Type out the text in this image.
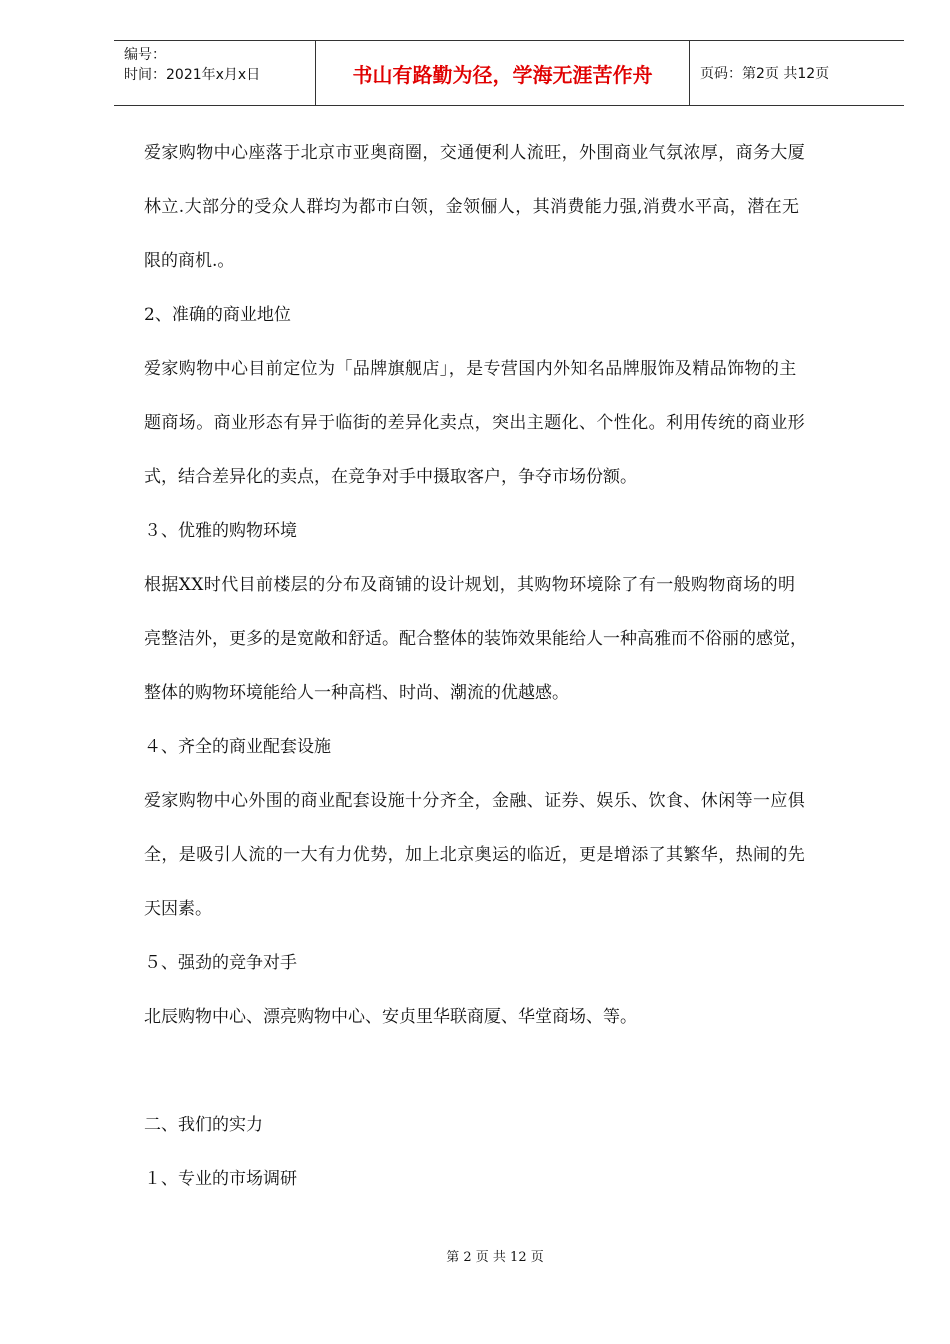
编号：
时间：2021年x月x日	书山有路勤为径，学海无涯苦作舟	页码：第2页 共12页

爱家购物中心座落于北京市亚奥商圈，交通便利人流旺，外围商业气氛浓厚，商务大厦

林立.大部分的受众人群均为都市白领，金领俪人，其消费能力强,消费水平高，潜在无

限的商机.。

2、准确的商业地位

爱家购物中心目前定位为「品牌旗舰店」，是专营国内外知名品牌服饰及精品饰物的主

题商场。商业形态有异于临街的差异化卖点，突出主题化、个性化。利用传统的商业形

式，结合差异化的卖点，在竞争对手中摄取客户，争夺市场份额。

３、优雅的购物环境

根据XX时代目前楼层的分布及商铺的设计规划，其购物环境除了有一般购物商场的明

亮整洁外，更多的是宽敞和舒适。配合整体的装饰效果能给人一种高雅而不俗丽的感觉，

整体的购物环境能给人一种高档、时尚、潮流的优越感。

４、齐全的商业配套设施

爱家购物中心外围的商业配套设施十分齐全，金融、证券、娱乐、饮食、休闲等一应俱

全，是吸引人流的一大有力优势，加上北京奥运的临近，更是增添了其繁华，热闹的先

天因素。

５、强劲的竞争对手

北辰购物中心、漂亮购物中心、安贞里华联商厦、华堂商场、等。

二、我们的实力

１、专业的市场调研

第 2 页 共 12 页
